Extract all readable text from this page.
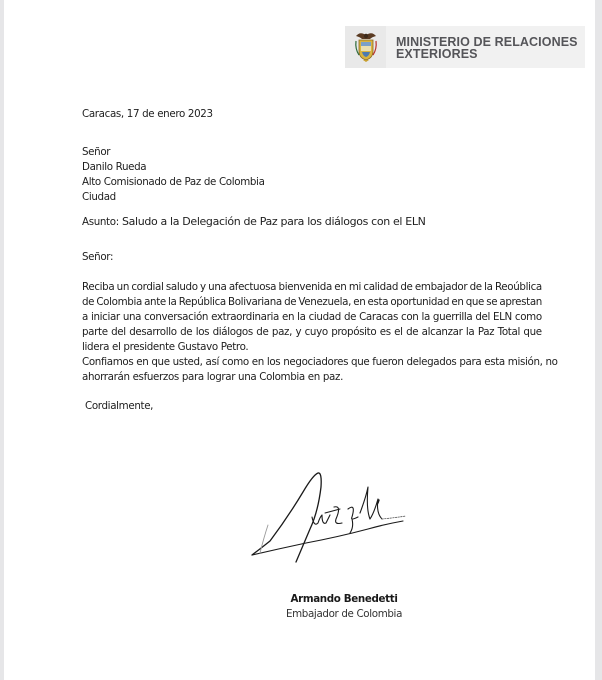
MINISTERIO DE RELACIONES
EXTERIORES
Caracas, 17 de enero 2023
Señor
Danilo Rueda
Alto Comisionado de Paz de Colombia
Ciudad
Asunto: Saludo a la Delegación de Paz para los diálogos con el ELN
Señor:
Reciba un cordial saludo y una afectuosa bienvenida en mi calidad de embajador de la Reoública
de Colombia ante la República Bolivariana de Venezuela, en esta oportunidad en que se aprestan
a iniciar una conversación extraordinaria en la ciudad de Caracas con la guerrilla del ELN como
parte del desarrollo de los diálogos de paz, y cuyo propósito es el de alcanzar la Paz Total que
lidera el presidente Gustavo Petro.
Confiamos en que usted, así como en los negociadores que fueron delegados para esta misión, no
ahorrarán esfuerzos para lograr una Colombia en paz.
Cordialmente,
Armando Benedetti
Embajador de Colombia
